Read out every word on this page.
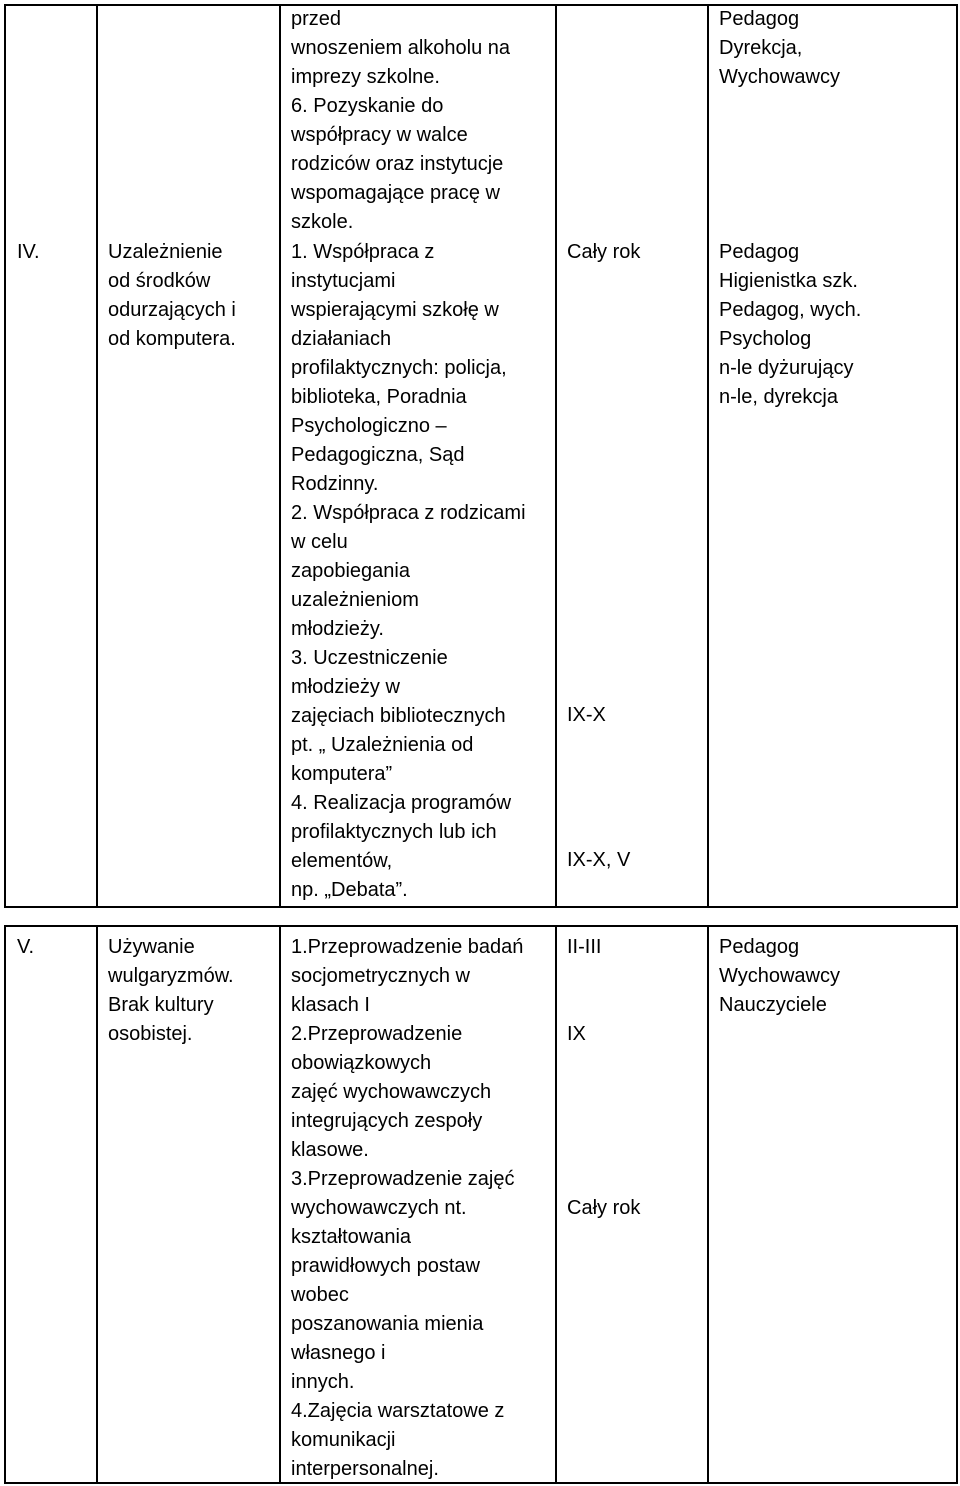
IV.	Uzależnienie
od środków
odurzających i
od komputera.
przed
wnoszeniem alkoholu na
imprezy szkolne.
6. Pozyskanie do
współpracy w walce
rodziców oraz instytucje
wspomagające pracę w
szkole.
1. Współpraca z
instytucjami
wspierającymi szkołę w
działaniach
profilaktycznych: policja,
biblioteka, Poradnia
Psychologiczno –
Pedagogiczna, Sąd
Rodzinny.
2. Współpraca z rodzicami
w celu
zapobiegania
uzależnieniom
młodzieży.
3. Uczestniczenie
młodzieży w
zajęciach bibliotecznych
pt. „ Uzależnienia od
komputera”
4. Realizacja programów
profilaktycznych lub ich
elementów,
np. „Debata”.
Cały rok
IX-X
IX-X, V
Pedagog
Dyrekcja,
Wychowawcy
Pedagog
Higienistka szk.
Pedagog, wych.
Psycholog
n-le dyżurujący
n-le, dyrekcja
V.	Używanie
wulgaryzmów.
Brak kultury
osobistej.
1.Przeprowadzenie badań
socjometrycznych w
klasach I
2.Przeprowadzenie
obowiązkowych
zajęć wychowawczych
integrujących zespoły
klasowe.
3.Przeprowadzenie zajęć
wychowawczych nt.
kształtowania
prawidłowych postaw
wobec
poszanowania mienia
własnego i
innych.
4.Zajęcia warsztatowe z
komunikacji
interpersonalnej.
II-III
IX
Cały rok
Pedagog
Wychowawcy
Nauczyciele
